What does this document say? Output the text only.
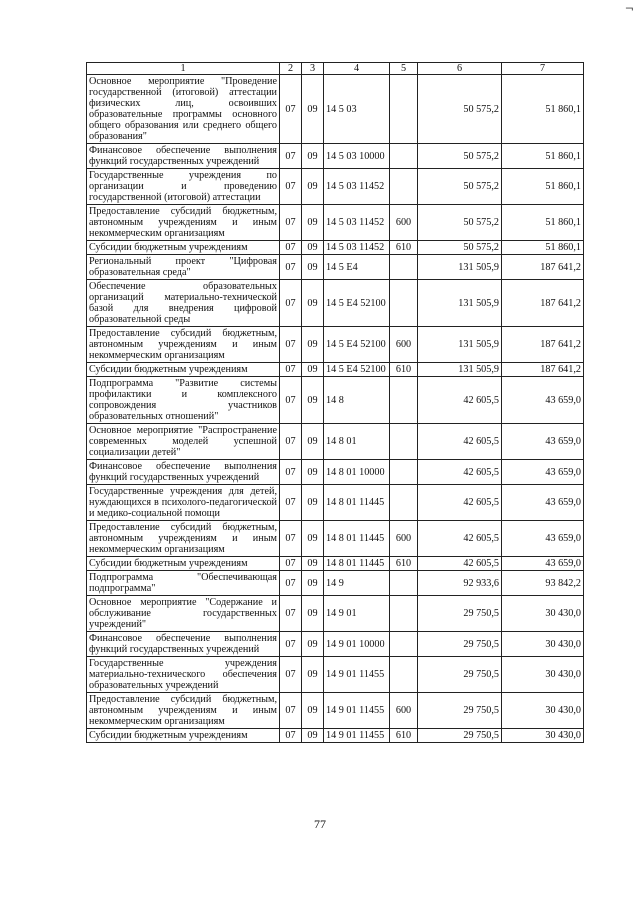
¬
1	2	3	4	5	6	7
Основное мероприятие "Проведение государственной (итоговой) аттестации физических лиц, освоивших образовательные программы основного общего образования или среднего общего образования"	07	09	14 5 03		50 575,2	51 860,1
Финансовое обеспечение выполнения функций государственных учреждений	07	09	14 5 03 10000		50 575,2	51 860,1
Государственные учреждения по организации и проведению государственной (итоговой) аттестации	07	09	14 5 03 11452		50 575,2	51 860,1
Предоставление субсидий бюджетным, автономным учреждениям и иным некоммерческим организациям	07	09	14 5 03 11452	600	50 575,2	51 860,1
Субсидии бюджетным учреждениям	07	09	14 5 03 11452	610	50 575,2	51 860,1
Региональный проект "Цифровая образовательная среда"	07	09	14 5 E4		131 505,9	187 641,2
Обеспечение образовательных организаций материально-технической базой для внедрения цифровой образовательной среды	07	09	14 5 E4 52100		131 505,9	187 641,2
Предоставление субсидий бюджетным, автономным учреждениям и иным некоммерческим организациям	07	09	14 5 E4 52100	600	131 505,9	187 641,2
Субсидии бюджетным учреждениям	07	09	14 5 E4 52100	610	131 505,9	187 641,2
Подпрограмма "Развитие системы профилактики и комплексного сопровождения участников образовательных отношений"	07	09	14 8		42 605,5	43 659,0
Основное мероприятие "Распространение современных моделей успешной социализации детей"	07	09	14 8 01		42 605,5	43 659,0
Финансовое обеспечение выполнения функций государственных учреждений	07	09	14 8 01 10000		42 605,5	43 659,0
Государственные учреждения для детей, нуждающихся в психолого-педагогической и медико-социальной помощи	07	09	14 8 01 11445		42 605,5	43 659,0
Предоставление субсидий бюджетным, автономным учреждениям и иным некоммерческим организациям	07	09	14 8 01 11445	600	42 605,5	43 659,0
Субсидии бюджетным учреждениям	07	09	14 8 01 11445	610	42 605,5	43 659,0
Подпрограмма "Обеспечивающая подпрограмма"	07	09	14 9		92 933,6	93 842,2
Основное мероприятие "Содержание и обслуживание государственных учреждений"	07	09	14 9 01		29 750,5	30 430,0
Финансовое обеспечение выполнения функций государственных учреждений	07	09	14 9 01 10000		29 750,5	30 430,0
Государственные учреждения материально-технического обеспечения образовательных учреждений	07	09	14 9 01 11455		29 750,5	30 430,0
Предоставление субсидий бюджетным, автономным учреждениям и иным некоммерческим организациям	07	09	14 9 01 11455	600	29 750,5	30 430,0
Субсидии бюджетным учреждениям	07	09	14 9 01 11455	610	29 750,5	30 430,0
77
